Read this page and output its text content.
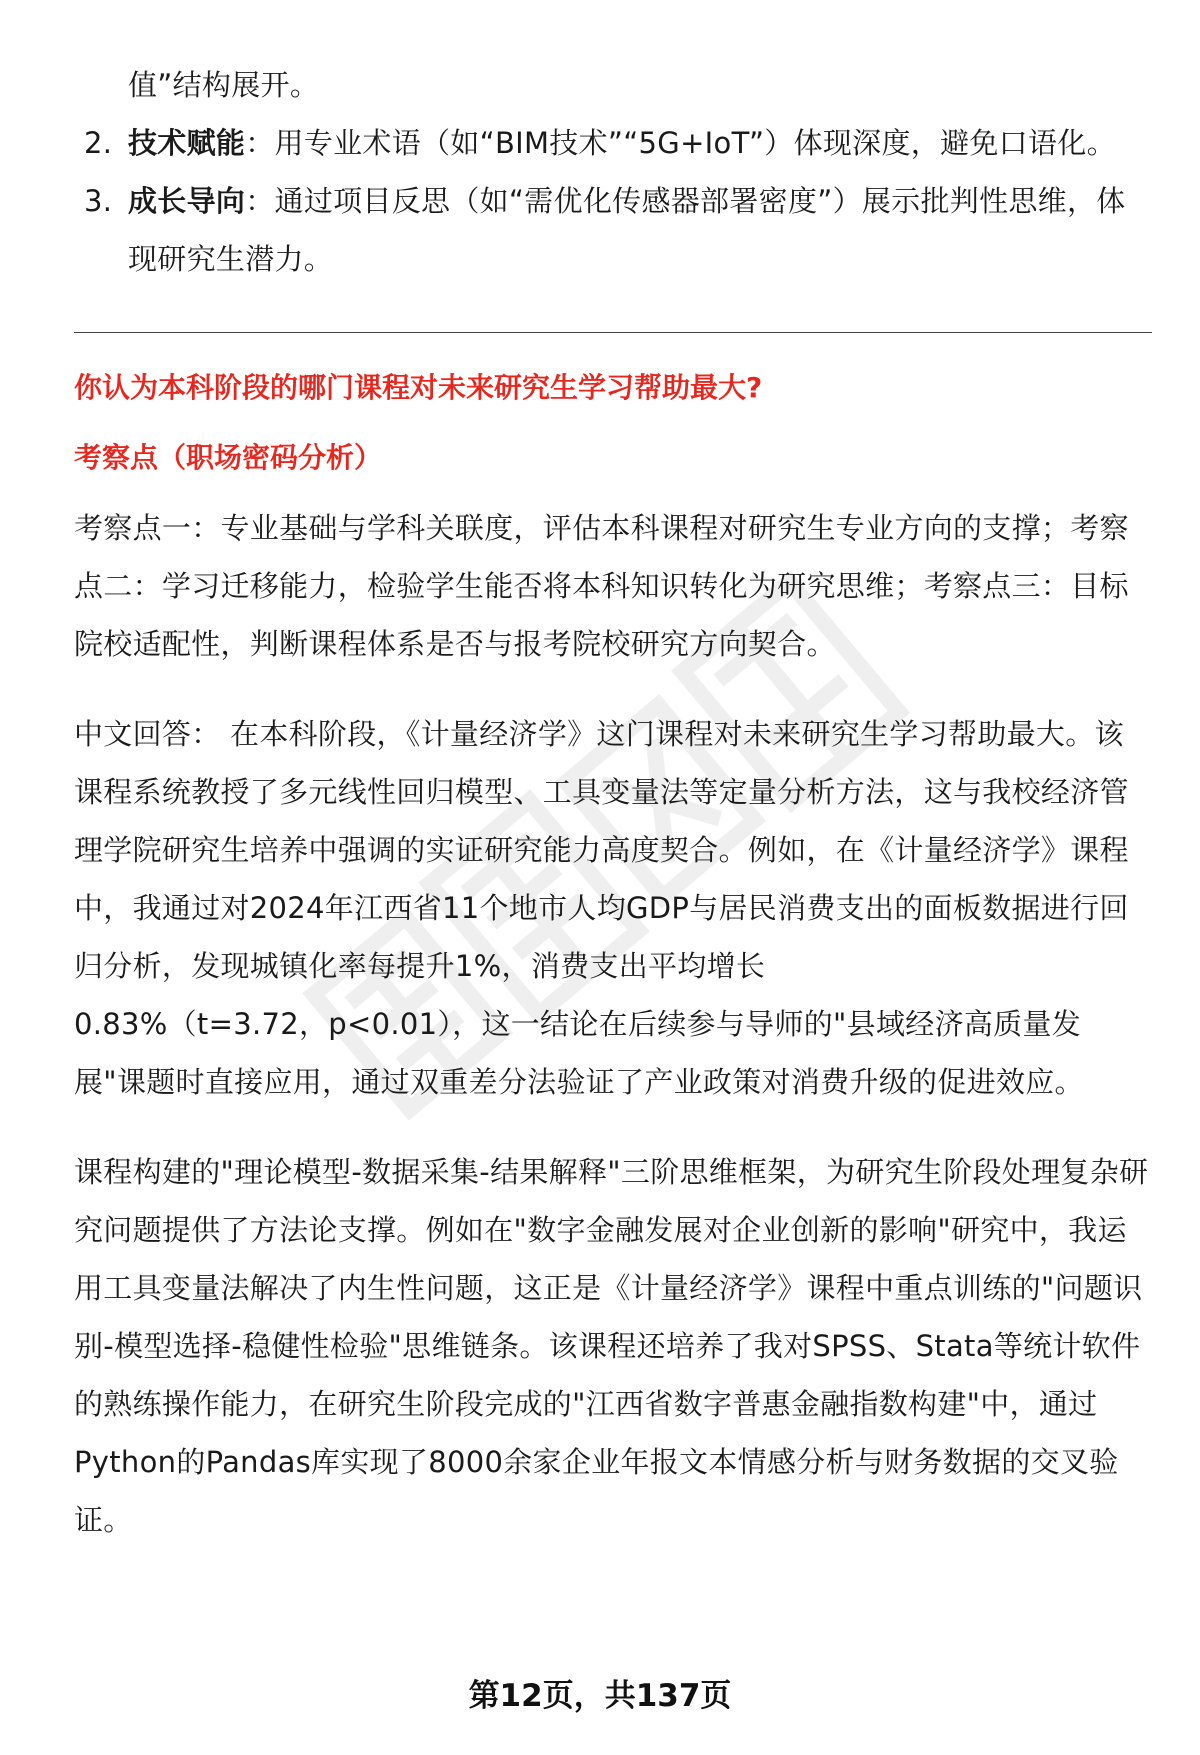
值”结构展开。

2. 技术赋能：用专业术语（如“BIM技术”“5G+IoT”）体现深度，避免口语化。
3. 成长导向：通过项目反思（如“需优化传感器部署密度”）展示批判性思维，体现研究生潜力。

你认为本科阶段的哪门课程对未来研究生学习帮助最大?

考察点（职场密码分析）

考察点一：专业基础与学科关联度，评估本科课程对研究生专业方向的支撑；考察点二：学习迁移能力，检验学生能否将本科知识转化为研究思维；考察点三：目标院校适配性，判断课程体系是否与报考院校研究方向契合。

中文回答： 在本科阶段，《计量经济学》这门课程对未来研究生学习帮助最大。该课程系统教授了多元线性回归模型、工具变量法等定量分析方法，这与我校经济管理学院研究生培养中强调的实证研究能力高度契合。例如，在《计量经济学》课程中，我通过对2024年江西省11个地市人均GDP与居民消费支出的面板数据进行回归分析，发现城镇化率每提升1%，消费支出平均增长

0.83%（t=3.72，p<0.01），这一结论在后续参与导师的"县域经济高质量发展"课题时直接应用，通过双重差分法验证了产业政策对消费升级的促进效应。

课程构建的"理论模型-数据采集-结果解释"三阶思维框架，为研究生阶段处理复杂研究问题提供了方法论支撑。例如在"数字金融发展对企业创新的影响"研究中，我运用工具变量法解决了内生性问题，这正是《计量经济学》课程中重点训练的"问题识别-模型选择-稳健性检验"思维链条。该课程还培养了我对SPSS、Stata等统计软件的熟练操作能力，在研究生阶段完成的"江西省数字普惠金融指数构建"中，通过Python的Pandas库实现了8000余家企业年报文本情感分析与财务数据的交叉验证。

第12页，共137页
